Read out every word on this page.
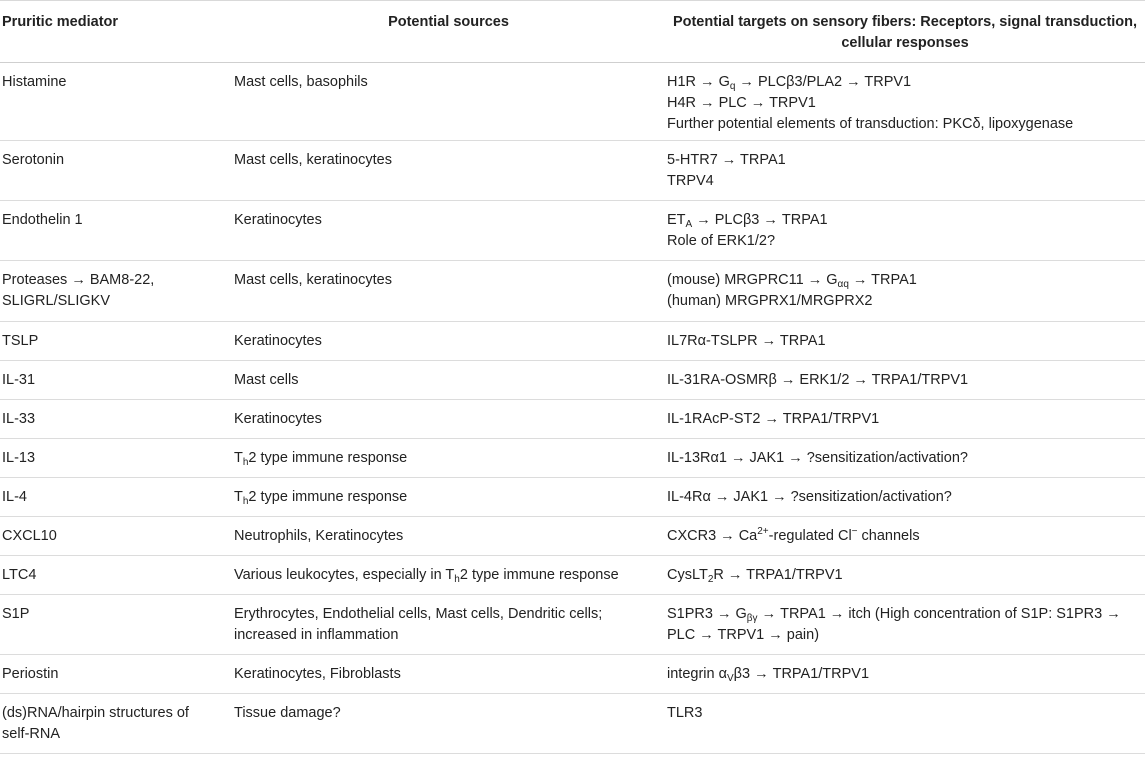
Pruritic mediator	Potential sources	Potential targets on sensory fibers: Receptors, signal transduction, cellular responses

Histamine	Mast cells, basophils	$H1R \to G_q \to PLC\beta 3/PLA2$ → TRPV1
H4R → PLC → TRPV1
Further potential elements of transduction: PKCδ, lipoxygenase

Serotonin	Mast cells, keratinocytes	5-HTR7 → TRPA1
TRPV4

Endothelin 1	Keratinocytes	$ET_A \to PLC\beta 3$ → TRPA1
Role of ERK1/2?

Proteases → BAM8-22,
SLIGRL/SLIGKV	Mast cells, keratinocytes	(mouse) MRGPRC11 → $G_{\alpha q}$ → TRPA1
(human) MRGPRX1/MRGPRX2

TSLP	Keratinocytes	IL7Rα-TSLPR → TRPA1

IL-31	Mast cells	IL-31RA-OSMRβ → ERK1/2 → TRPA1/TRPV1

IL-33	Keratinocytes	IL-1RAcP-ST2 → TRPA1/TRPV1

IL-13	$T_h2$ type immune response	IL-13Rα1 → JAK1 → ?sensitization/activation?

IL-4	$T_h2$ type immune response	IL-4Rα → JAK1 → ?sensitization/activation?

CXCL10	Neutrophils, Keratinocytes	CXCR3 → $Ca^{2+}$-regulated Cl− channels

LTC4	Various leukocytes, especially in $T_h2$ type immune response	CysLT$_2$R → TRPA1/TRPV1

S1P	Erythrocytes, Endothelial cells, Mast cells, Dendritic cells;
increased in inflammation	$S1PR3 \to G_{\beta\gamma}$ → TRPA1 → itch (High concentration of S1P: S1PR3 →
PLC → TRPV1 → pain)

Periostin	Keratinocytes, Fibroblasts	integrin $\alpha_V\beta 3$ → TRPA1/TRPV1

(ds)RNA/hairpin structures of
self-RNA	Tissue damage?	TLR3
